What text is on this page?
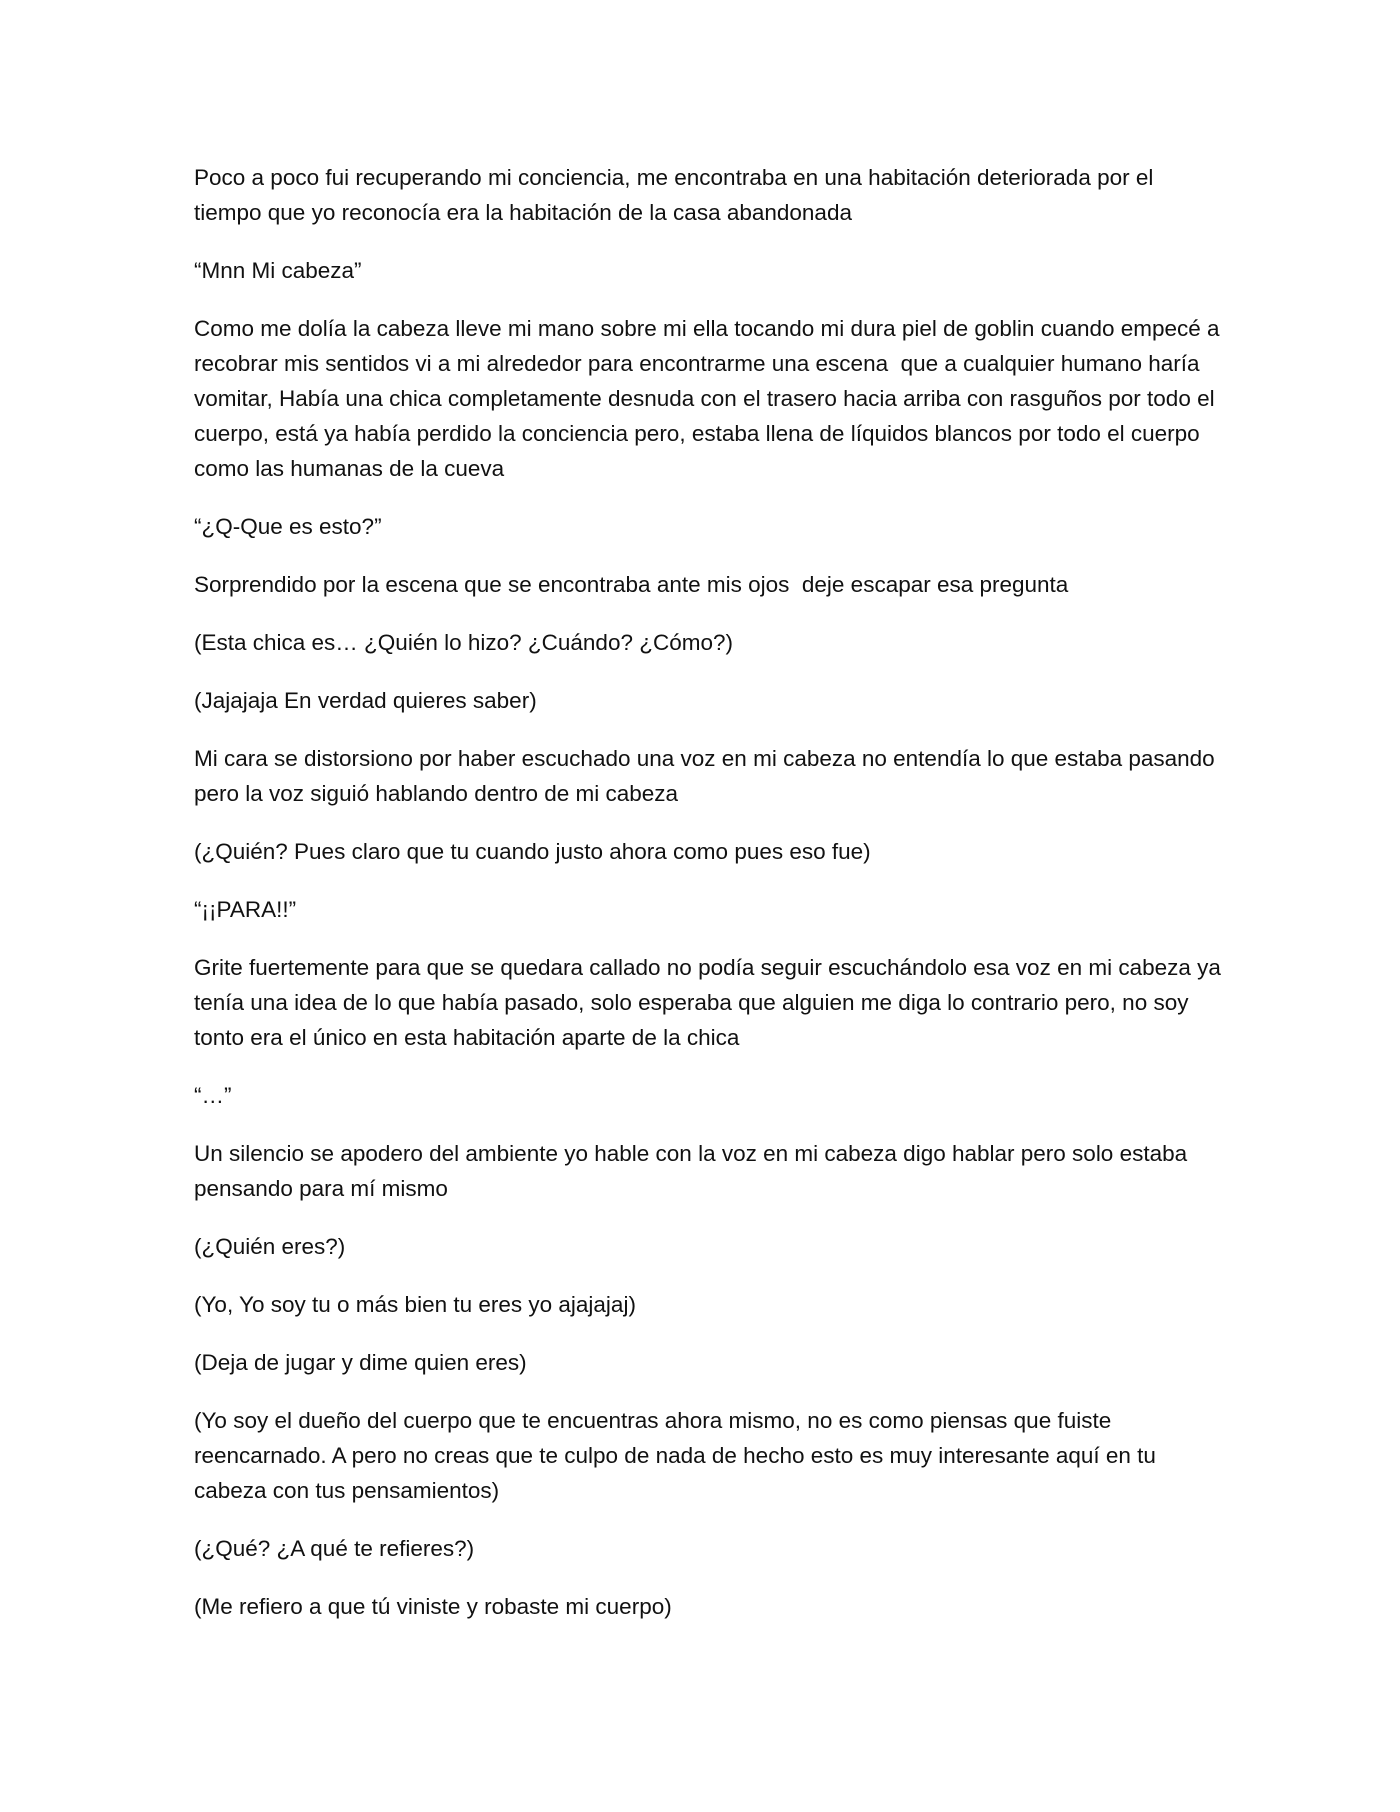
Poco a poco fui recuperando mi conciencia, me encontraba en una habitación deteriorada por el tiempo que yo reconocía era la habitación de la casa abandonada

“Mnn Mi cabeza”

Como me dolía la cabeza lleve mi mano sobre mi ella tocando mi dura piel de goblin cuando empecé a recobrar mis sentidos vi a mi alrededor para encontrarme una escena  que a cualquier humano haría vomitar, Había una chica completamente desnuda con el trasero hacia arriba con rasguños por todo el cuerpo, está ya había perdido la conciencia pero, estaba llena de líquidos blancos por todo el cuerpo como las humanas de la cueva

“¿Q-Que es esto?”

Sorprendido por la escena que se encontraba ante mis ojos  deje escapar esa pregunta

(Esta chica es… ¿Quién lo hizo? ¿Cuándo? ¿Cómo?)

(Jajajaja En verdad quieres saber)

Mi cara se distorsiono por haber escuchado una voz en mi cabeza no entendía lo que estaba pasando pero la voz siguió hablando dentro de mi cabeza

(¿Quién? Pues claro que tu cuando justo ahora como pues eso fue)

“¡¡PARA!!”

Grite fuertemente para que se quedara callado no podía seguir escuchándolo esa voz en mi cabeza ya tenía una idea de lo que había pasado, solo esperaba que alguien me diga lo contrario pero, no soy tonto era el único en esta habitación aparte de la chica

“…”

Un silencio se apodero del ambiente yo hable con la voz en mi cabeza digo hablar pero solo estaba pensando para mí mismo

(¿Quién eres?)

(Yo, Yo soy tu o más bien tu eres yo ajajajaj)

(Deja de jugar y dime quien eres)

(Yo soy el dueño del cuerpo que te encuentras ahora mismo, no es como piensas que fuiste reencarnado. A pero no creas que te culpo de nada de hecho esto es muy interesante aquí en tu cabeza con tus pensamientos)

(¿Qué? ¿A qué te refieres?)

(Me refiero a que tú viniste y robaste mi cuerpo)
